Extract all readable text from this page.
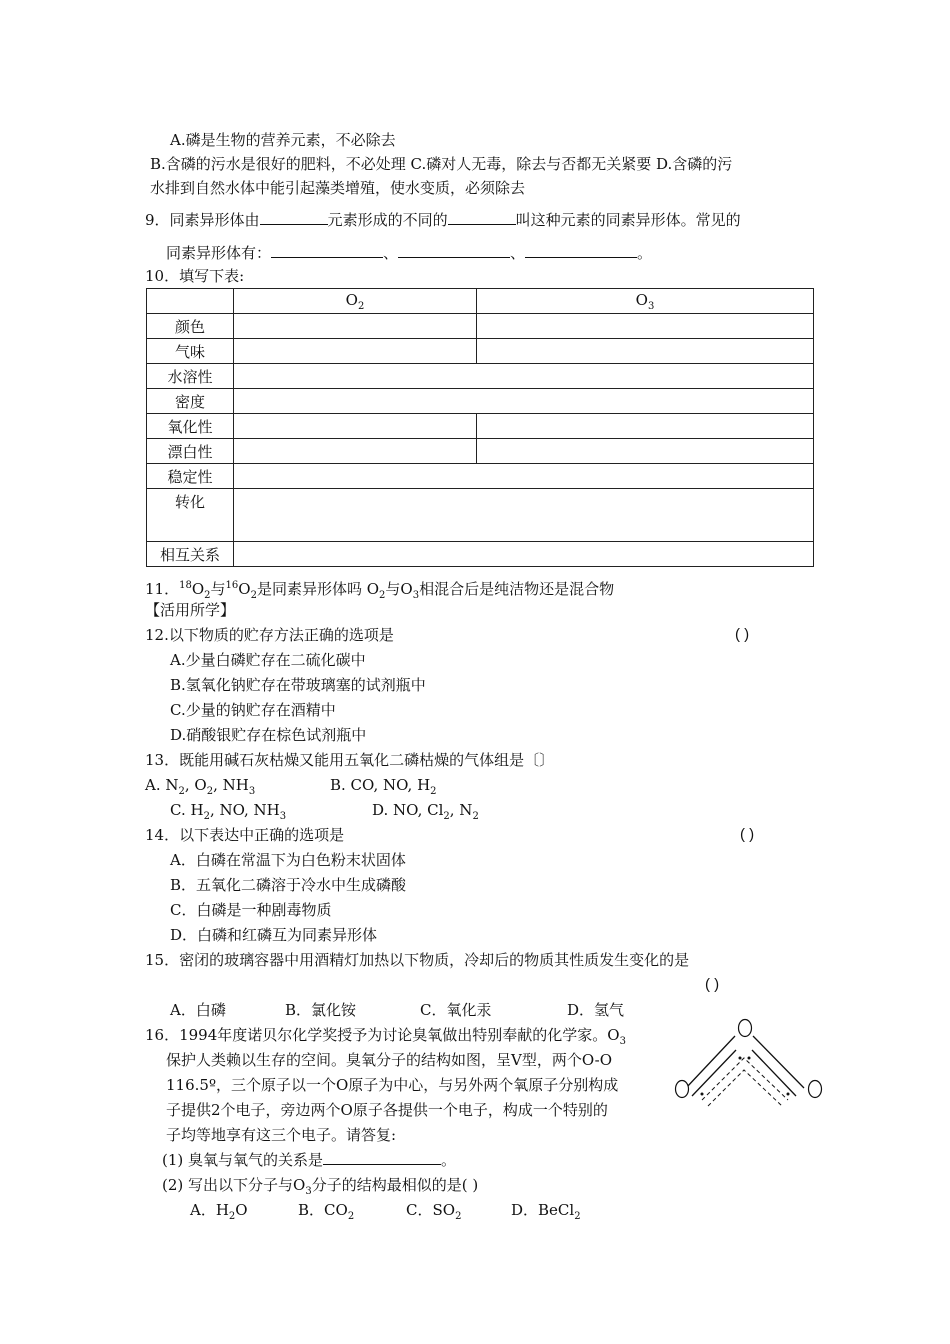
A.磷是生物的营养元素，不必除去
B.含磷的污水是很好的肥料，不必处理 C.磷对人无毒，除去与否都无关紧要 D.含磷的污
水排到自然水体中能引起藻类增殖，使水变质，必须除去
9．同素异形体由	元素形成的不同的	叫这种元素的同素异形体。常见的
同素异形体有：	、	、	。
10．填写下表:
	$O_2$	$O_3$
颜色		
气味		
水溶性		
密度		
氧化性		
漂白性		
稳定性		
转化		
相互关系		
11．$^{18}O_2$与$^{16}O_2$是同素异形体吗 $O_2$与$O_3$相混合后是纯洁物还是混合物
【活用所学】
12.以下物质的贮存方法正确的选项是	( )
A.少量白磷贮存在二硫化碳中
B.氢氧化钠贮存在带玻璃塞的试剂瓶中
C.少量的钠贮存在酒精中
D.硝酸银贮存在棕色试剂瓶中
13．既能用碱石灰枯燥又能用五氧化二磷枯燥的气体组是〔〕
A. $N_2$, $O_2$, $NH_3$	B. CO, NO, $H_2$
C. $H_2$, NO, $NH_3$	D. NO, $Cl_2$, $N_2$
14．以下表达中正确的选项是	( )
A．白磷在常温下为白色粉末状固体
B．五氧化二磷溶于冷水中生成磷酸
C．白磷是一种剧毒物质
D．白磷和红磷互为同素异形体
15．密闭的玻璃容器中用酒精灯加热以下物质，冷却后的物质其性质发生变化的是
( )
A．白磷	B．氯化铵	C．氧化汞	D．氢气
16．1994年度诺贝尔化学奖授予为讨论臭氧做出特别奉献的化学家。$O_3$
保护人类赖以生存的空间。臭氧分子的结构如图，呈V型，两个O-O
116.5º，三个原子以一个O原子为中心，与另外两个氧原子分别构成
子提供2个电子，旁边两个O原子各提供一个电子，构成一个特别的
子均等地享有这三个电子。请答复:
(1) 臭氧与氧气的关系是	。
(2) 写出以下分子与$O_3$分子的结构最相似的是( )
A．$H_2O$	B．$CO_2$	C．$SO_2$	D．BeCl$_2$
